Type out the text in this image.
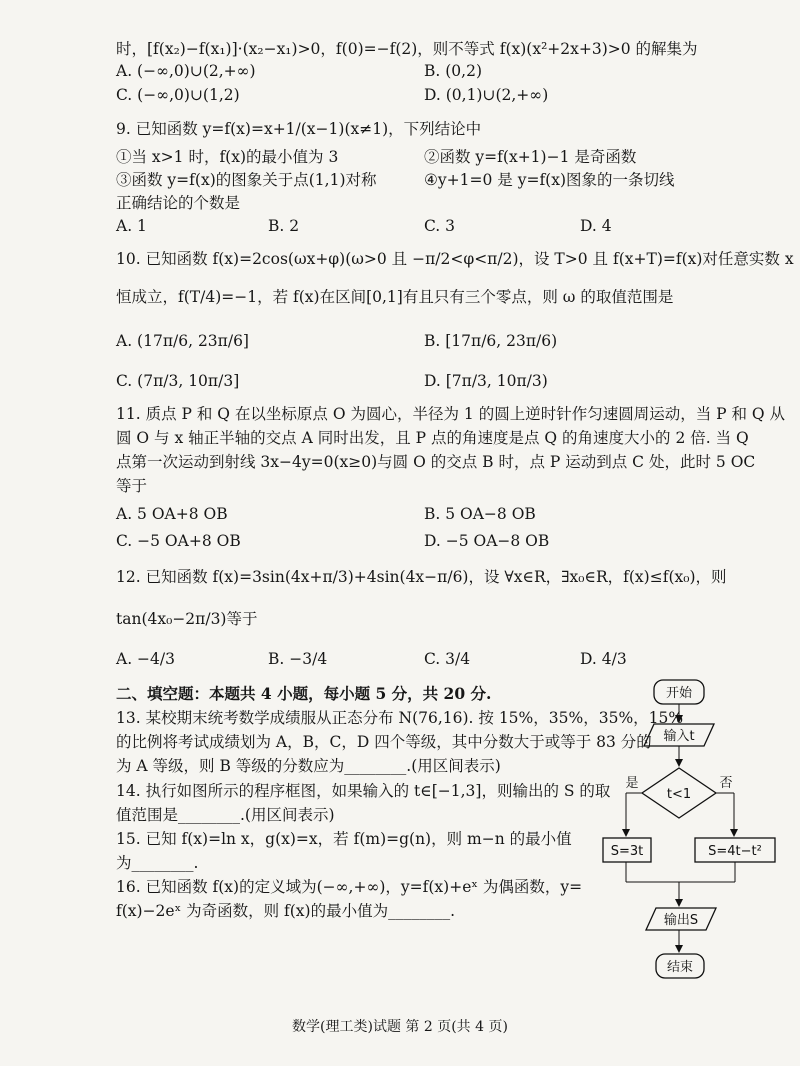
时，[f(x₂)−f(x₁)]·(x₂−x₁)>0，f(0)=−f(2)，则不等式 f(x)(x²+2x+3)>0 的解集为
A. (−∞,0)∪(2,+∞)	B. (0,2)
C. (−∞,0)∪(1,2)	D. (0,1)∪(2,+∞)
9. 已知函数 y=f(x)=x+1/(x−1)(x≠1)，下列结论中
①当 x>1 时，f(x)的最小值为 3	②函数 y=f(x+1)−1 是奇函数
③函数 y=f(x)的图象关于点(1,1)对称	④y+1=0 是 y=f(x)图象的一条切线
正确结论的个数是
A. 1	B. 2	C. 3	D. 4
10. 已知函数 f(x)=2cos(ωx+φ)(ω>0 且 −π/2<φ<π/2)，设 T>0 且 f(x+T)=f(x)对任意实数 x
恒成立，f(T/4)=−1，若 f(x)在区间[0,1]有且只有三个零点，则 ω 的取值范围是
A. (17π/6, 23π/6]	B. [17π/6, 23π/6)
C. (7π/3, 10π/3]	D. [7π/3, 10π/3)
11. 质点 P 和 Q 在以坐标原点 O 为圆心，半径为 1 的圆上逆时针作匀速圆周运动，当 P 和 Q 从
圆 O 与 x 轴正半轴的交点 A 同时出发，且 P 点的角速度是点 Q 的角速度大小的 2 倍. 当 Q
点第一次运动到射线 3x−4y=0(x≥0)与圆 O 的交点 B 时，点 P 运动到点 C 处，此时 5 OC
等于
A. 5 OA+8 OB	B. 5 OA−8 OB
C. −5 OA+8 OB	D. −5 OA−8 OB
12. 已知函数 f(x)=3sin(4x+π/3)+4sin(4x−π/6)，设 ∀x∈R，∃x₀∈R，f(x)≤f(x₀)，则
tan(4x₀−2π/3)等于
A. −4/3	B. −3/4	C. 3/4	D. 4/3
二、填空题：本题共 4 小题，每小题 5 分，共 20 分.
13. 某校期末统考数学成绩服从正态分布 N(76,16). 按 15%，35%，35%，15%
的比例将考试成绩划为 A，B，C，D 四个等级，其中分数大于或等于 83 分的
为 A 等级，则 B 等级的分数应为________.(用区间表示)
14. 执行如图所示的程序框图，如果输入的 t∈[−1,3]，则输出的 S 的取
值范围是________.(用区间表示)
15. 已知 f(x)=ln x，g(x)=x，若 f(m)=g(n)，则 m−n 的最小值
为________.
16. 已知函数 f(x)的定义域为(−∞,+∞)，y=f(x)+eˣ 为偶函数，y=
f(x)−2eˣ 为奇函数，则 f(x)的最小值为________.
开始
输入t
t<1
是	否
S=3t	S=4t−t²
输出S
结束
数学(理工类)试题 第 2 页(共 4 页)
